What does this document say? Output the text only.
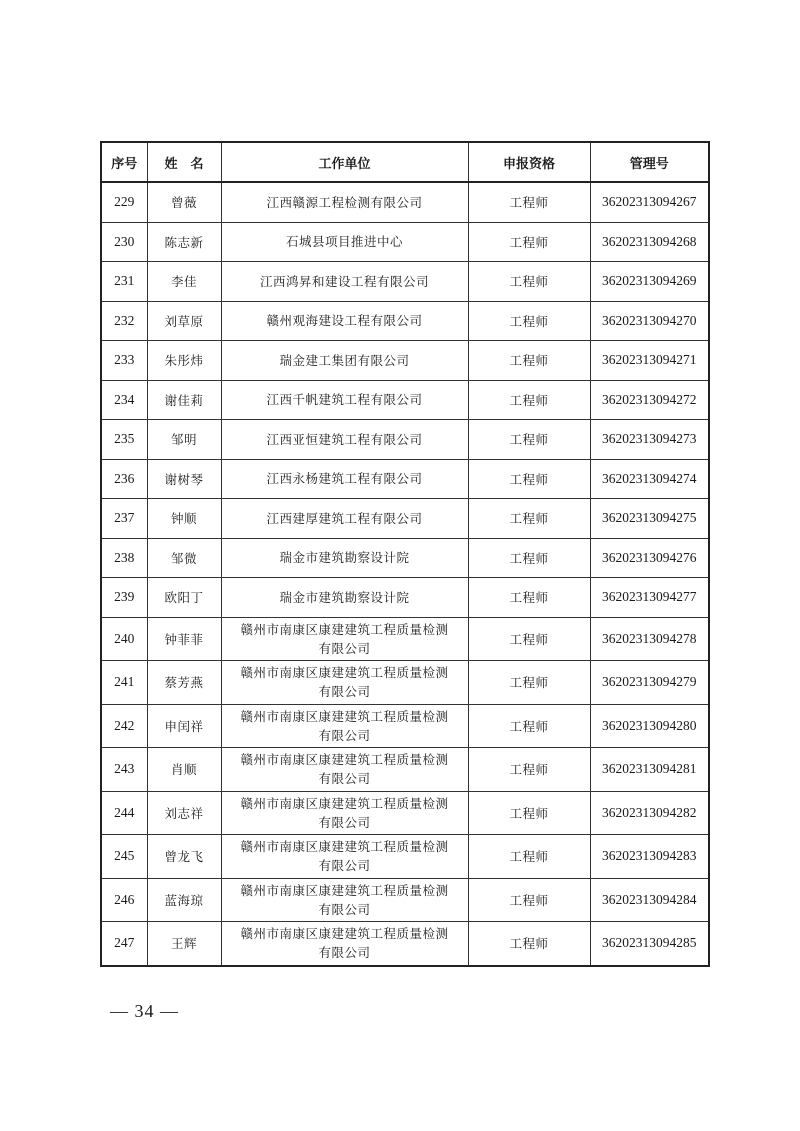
序号	姓　名	工作单位	申报资格	管理号
229	曾薇	江西赣源工程检测有限公司	工程师	36202313094267
230	陈志新	石城县项目推进中心	工程师	36202313094268
231	李佳	江西鸿昇和建设工程有限公司	工程师	36202313094269
232	刘草原	赣州观海建设工程有限公司	工程师	36202313094270
233	朱彤炜	瑞金建工集团有限公司	工程师	36202313094271
234	谢佳莉	江西千帆建筑工程有限公司	工程师	36202313094272
235	邹明	江西亚恒建筑工程有限公司	工程师	36202313094273
236	谢树琴	江西永杨建筑工程有限公司	工程师	36202313094274
237	钟顺	江西建厚建筑工程有限公司	工程师	36202313094275
238	邹微	瑞金市建筑勘察设计院	工程师	36202313094276
239	欧阳丁	瑞金市建筑勘察设计院	工程师	36202313094277
240	钟菲菲	赣州市南康区康建建筑工程质量检测
有限公司	工程师	36202313094278
241	蔡芳燕	赣州市南康区康建建筑工程质量检测
有限公司	工程师	36202313094279
242	申闰祥	赣州市南康区康建建筑工程质量检测
有限公司	工程师	36202313094280
243	肖顺	赣州市南康区康建建筑工程质量检测
有限公司	工程师	36202313094281
244	刘志祥	赣州市南康区康建建筑工程质量检测
有限公司	工程师	36202313094282
245	曾龙飞	赣州市南康区康建建筑工程质量检测
有限公司	工程师	36202313094283
246	蓝海琼	赣州市南康区康建建筑工程质量检测
有限公司	工程师	36202313094284
247	王辉	赣州市南康区康建建筑工程质量检测
有限公司	工程师	36202313094285
— 34 —
